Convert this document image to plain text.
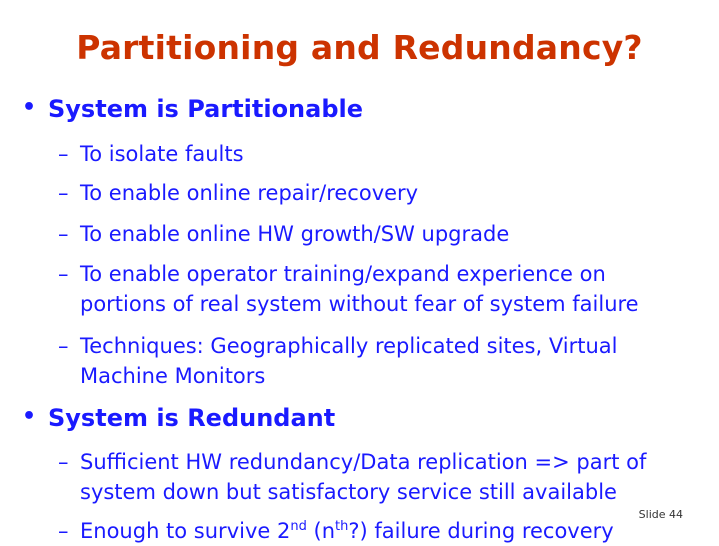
Partitioning and Redundancy?
• System is Partitionable
– To isolate faults
– To enable online repair/recovery
– To enable online HW growth/SW upgrade
– To enable operator training/expand experience on
portions of real system without fear of system failure
– Techniques: Geographically replicated sites, Virtual
Machine Monitors
• System is Redundant
– Sufficient HW redundancy/Data replication => part of
system down but satisfactory service still available
– Enough to survive 2nd $(n^{th}?)$ failure during recovery
Slide 44
